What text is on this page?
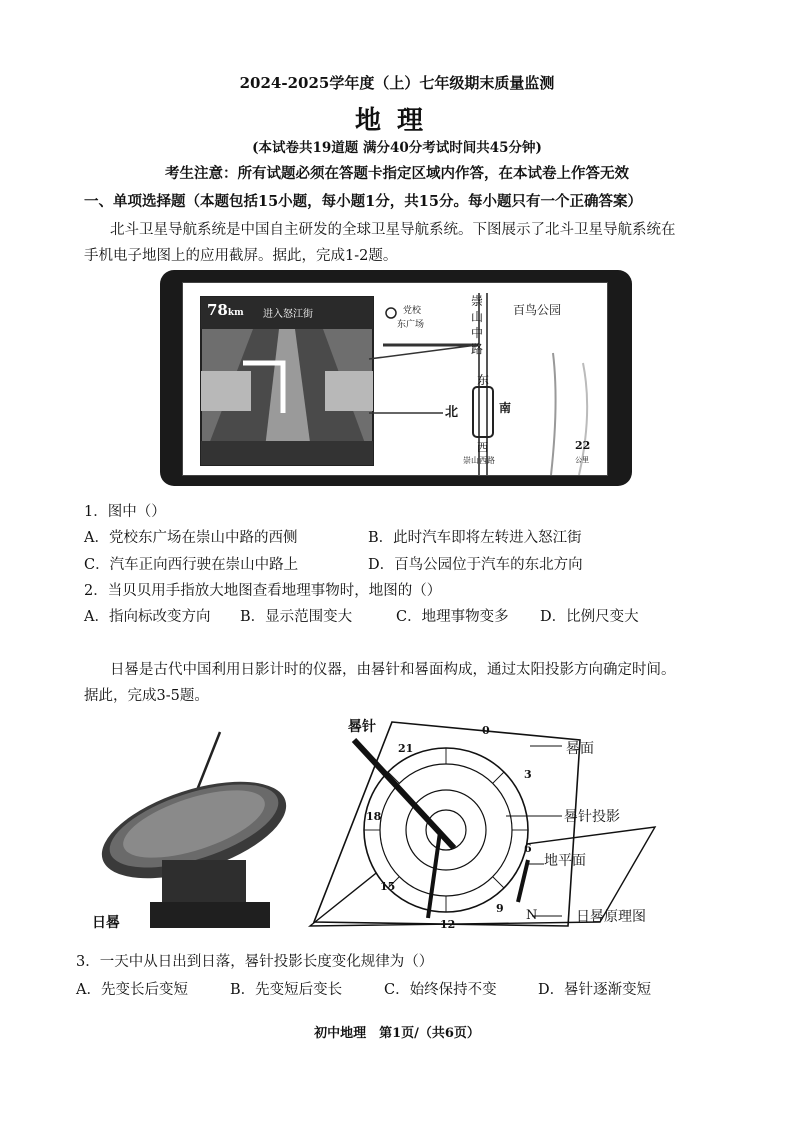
2024-2025学年度（上）七年级期末质量监测
地理
(本试卷共19道题 满分40分考试时间共45分钟)
考生注意：所有试题必须在答题卡指定区域内作答，在本试卷上作答无效
一、单项选择题（本题包括15小题，每小题1分，共15分。每小题只有一个正确答案）
北斗卫星导航系统是中国自主研发的全球卫星导航系统。下图展示了北斗卫星导航系统在
手机电子地图上的应用截屏。据此，完成1-2题。
78km 进入怒江街	党校
东广场
崇山中路
百鸟公园
东
南
北
西
崇山西路
22
公里
1．图中（）
A．党校东广场在崇山中路的西侧	B．此时汽车即将左转进入怒江街
C．汽车正向西行驶在崇山中路上	D．百鸟公园位于汽车的东北方向
2．当贝贝用手指放大地图查看地理事物时，地图的（）
A．指向标改变方向 B．显示范围变大	C．地理事物变多 D．比例尺变大
日晷是古代中国利用日影计时的仪器，由晷针和晷面构成，通过太阳投影方向确定时间。
据此，完成3-5题。
日晷
晷针
晷面
晷针投影
地平面
N	日晷原理图
0
3
6
9
12
15
18
21
3．一天中从日出到日落，晷针投影长度变化规律为（）
A．先变长后变短	B．先变短后变长	C．始终保持不变	D．晷针逐渐变短
初中地理　第1页/（共6页）
